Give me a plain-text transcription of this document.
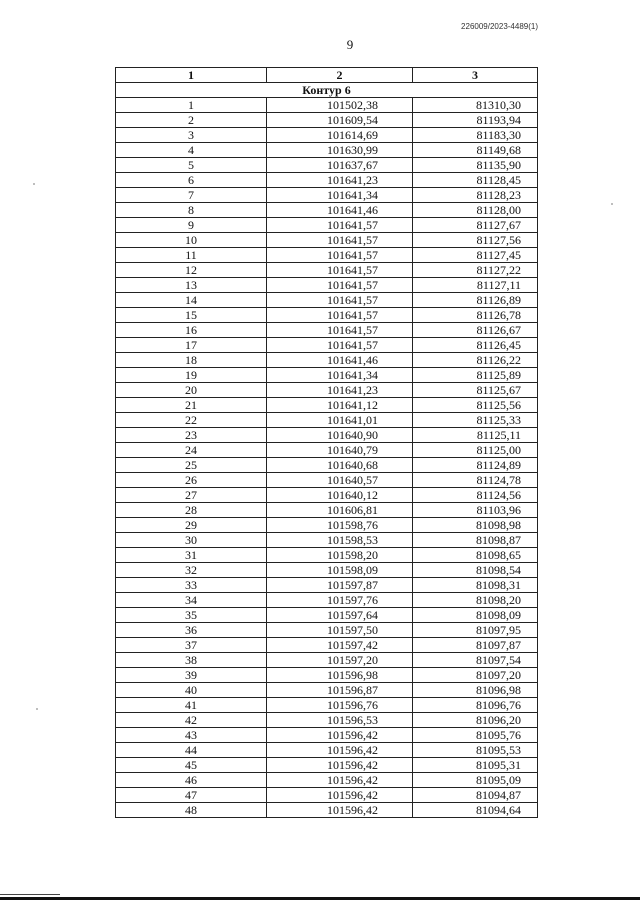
226009/2023-4489(1)
9
1	2	3
Контур 6		
1	101502,38	81310,30
2	101609,54	81193,94
3	101614,69	81183,30
4	101630,99	81149,68
5	101637,67	81135,90
6	101641,23	81128,45
7	101641,34	81128,23
8	101641,46	81128,00
9	101641,57	81127,67
10	101641,57	81127,56
11	101641,57	81127,45
12	101641,57	81127,22
13	101641,57	81127,11
14	101641,57	81126,89
15	101641,57	81126,78
16	101641,57	81126,67
17	101641,57	81126,45
18	101641,46	81126,22
19	101641,34	81125,89
20	101641,23	81125,67
21	101641,12	81125,56
22	101641,01	81125,33
23	101640,90	81125,11
24	101640,79	81125,00
25	101640,68	81124,89
26	101640,57	81124,78
27	101640,12	81124,56
28	101606,81	81103,96
29	101598,76	81098,98
30	101598,53	81098,87
31	101598,20	81098,65
32	101598,09	81098,54
33	101597,87	81098,31
34	101597,76	81098,20
35	101597,64	81098,09
36	101597,50	81097,95
37	101597,42	81097,87
38	101597,20	81097,54
39	101596,98	81097,20
40	101596,87	81096,98
41	101596,76	81096,76
42	101596,53	81096,20
43	101596,42	81095,76
44	101596,42	81095,53
45	101596,42	81095,31
46	101596,42	81095,09
47	101596,42	81094,87
48	101596,42	81094,64
